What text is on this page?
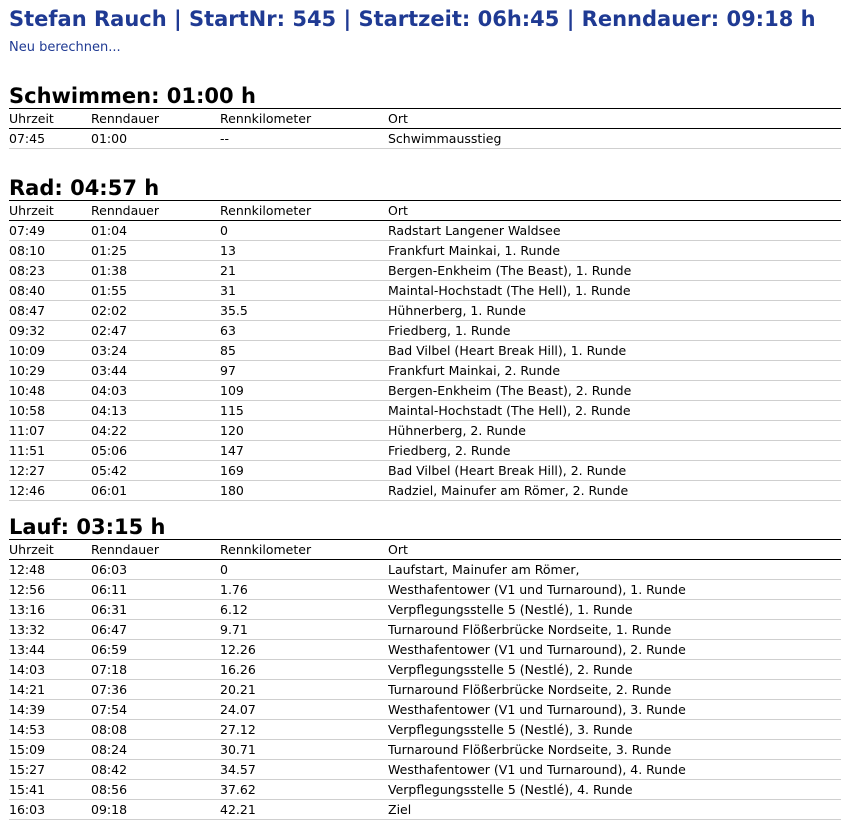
Stefan Rauch | StartNr: 545 | Startzeit: 06h:45 | Renndauer: 09:18 h
Neu berechnen...
Schwimmen: 01:00 h
Uhrzeit	Renndauer	Rennkilometer	Ort
07:45	01:00	--	Schwimmausstieg
Rad: 04:57 h
Uhrzeit	Renndauer	Rennkilometer	Ort
07:49	01:04	0	Radstart Langener Waldsee
08:10	01:25	13	Frankfurt Mainkai, 1. Runde
08:23	01:38	21	Bergen-Enkheim (The Beast), 1. Runde
08:40	01:55	31	Maintal-Hochstadt (The Hell), 1. Runde
08:47	02:02	35.5	Hühnerberg, 1. Runde
09:32	02:47	63	Friedberg, 1. Runde
10:09	03:24	85	Bad Vilbel (Heart Break Hill), 1. Runde
10:29	03:44	97	Frankfurt Mainkai, 2. Runde
10:48	04:03	109	Bergen-Enkheim (The Beast), 2. Runde
10:58	04:13	115	Maintal-Hochstadt (The Hell), 2. Runde
11:07	04:22	120	Hühnerberg, 2. Runde
11:51	05:06	147	Friedberg, 2. Runde
12:27	05:42	169	Bad Vilbel (Heart Break Hill), 2. Runde
12:46	06:01	180	Radziel, Mainufer am Römer, 2. Runde
Lauf: 03:15 h
Uhrzeit	Renndauer	Rennkilometer	Ort
12:48	06:03	0	Laufstart, Mainufer am Römer,
12:56	06:11	1.76	Westhafentower (V1 und Turnaround), 1. Runde
13:16	06:31	6.12	Verpflegungsstelle 5 (Nestlé), 1. Runde
13:32	06:47	9.71	Turnaround Flößerbrücke Nordseite, 1. Runde
13:44	06:59	12.26	Westhafentower (V1 und Turnaround), 2. Runde
14:03	07:18	16.26	Verpflegungsstelle 5 (Nestlé), 2. Runde
14:21	07:36	20.21	Turnaround Flößerbrücke Nordseite, 2. Runde
14:39	07:54	24.07	Westhafentower (V1 und Turnaround), 3. Runde
14:53	08:08	27.12	Verpflegungsstelle 5 (Nestlé), 3. Runde
15:09	08:24	30.71	Turnaround Flößerbrücke Nordseite, 3. Runde
15:27	08:42	34.57	Westhafentower (V1 und Turnaround), 4. Runde
15:41	08:56	37.62	Verpflegungsstelle 5 (Nestlé), 4. Runde
16:03	09:18	42.21	Ziel
